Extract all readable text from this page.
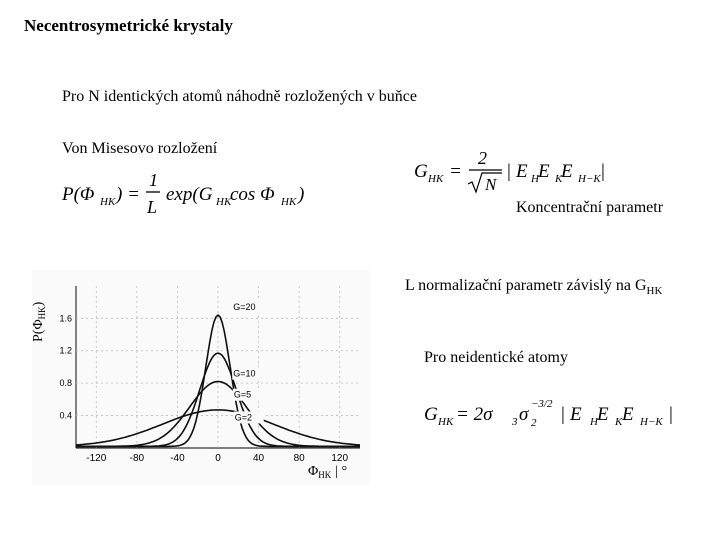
Necentrosymetrické krystaly
Pro N identických atomů náhodně rozložených v buňce
Von Misesovo rozložení
G HK =
2
N
| E H E K
E H−K |
P(Φ HK ) =
1
L
exp(G HK
cos Φ HK )
Koncentrační parametr
L normalizační parametr závislý na $G_{HK}$
Pro neidentické atomy
G HK = 2σ 3 σ 2
−3/2 | E H E K E H−K |
-120 -80	-40	0	40	80	120
0.4
0.8
1.2
1.6
G=2
G=5
G=10
G=20
$P(\Phi_{HK})$
$\Phi_{HK}$ | °
